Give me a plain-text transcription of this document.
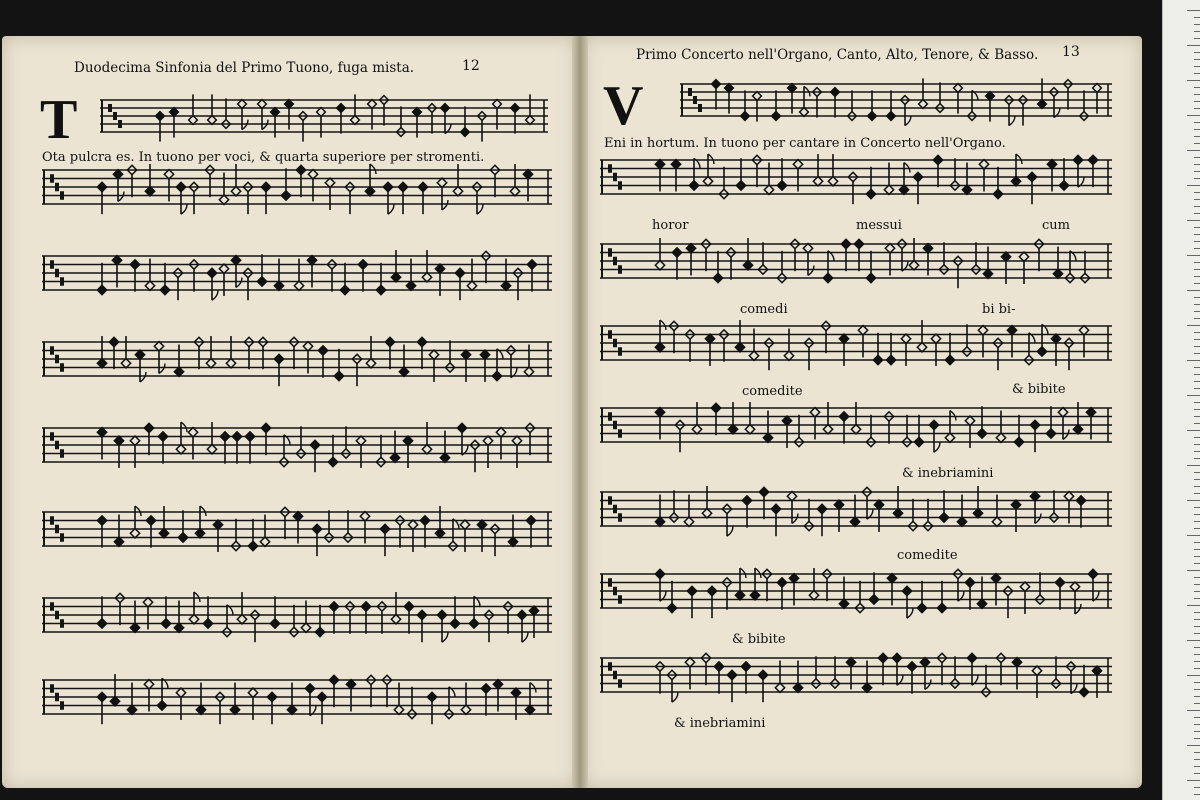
Duodecima Sinfonia del Primo Tuono, fuga mista.	12
T
Ota pulcra es. In tuono per voci, & quarta superiore per stromenti.
Primo Concerto nell'Organo, Canto, Alto, Tenore, & Basso. 13
V
Eni in hortum. In tuono per cantare in Concerto nell'Organo.
horor	messui	cum
comedi	bi bi-
comedite	& bibite
& inebriamini
comedite
& bibite
& inebriamini
